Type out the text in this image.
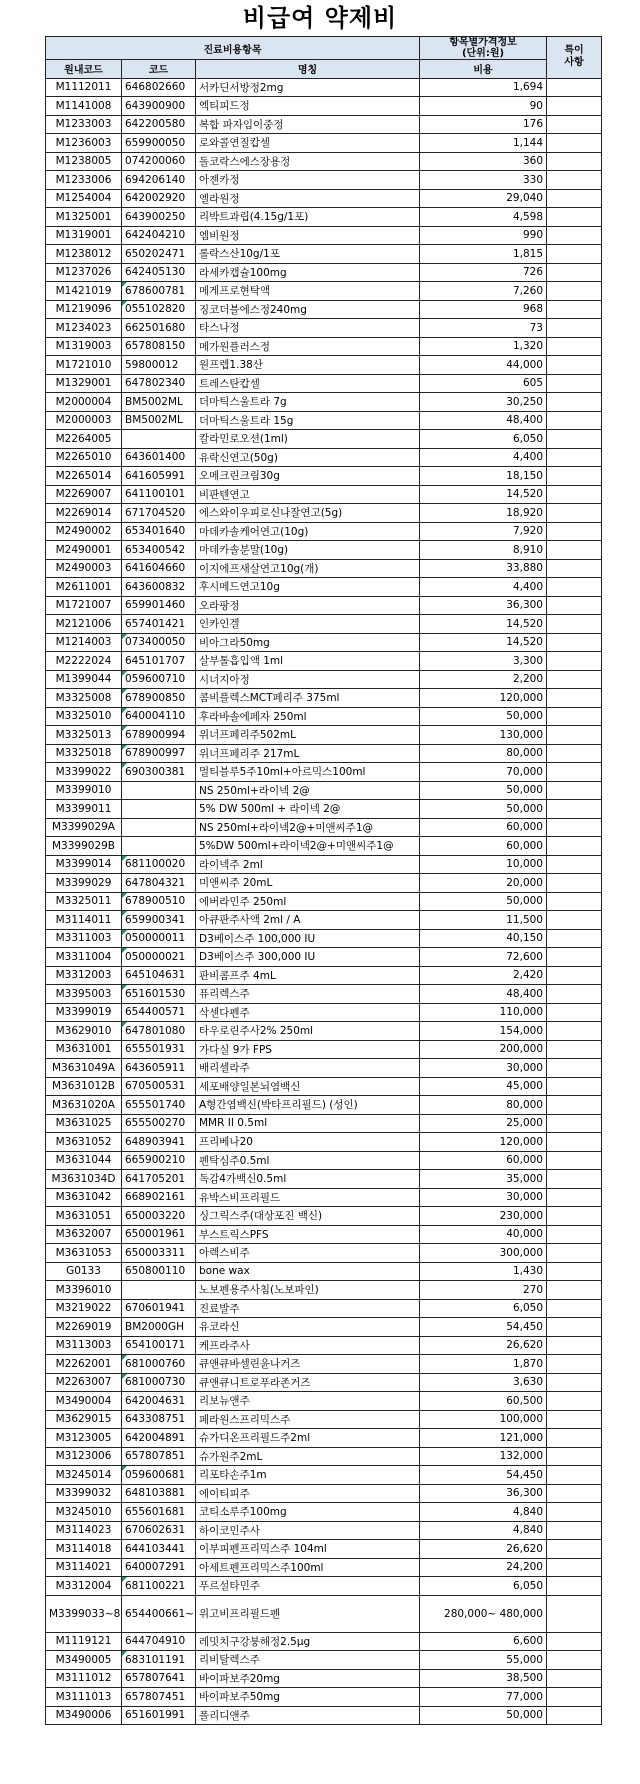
비급여 약제비
진료비용항목			항목별가격정보
(단위:원)	특이
사항
원내코드	코드	명칭	비용	
M1112011	646802660	서카딘서방정2mg	1,694	
M1141008	643900900	엑티피드정	90	
M1233003	642200580	복합 파자임이중정	176	
M1236003	659900050	로와콜연질캅셀	1,144	
M1238005	074200060	돌코락스에스장용정	360	
M1233006	694206140	아젠카정	330	
M1254004	642002920	엘라원정	29,040	
M1325001	643900250	리박트과립(4.15g/1포)	4,598	
M1319001	642404210	엠비원정	990	
M1238012	650202471	롤락스산10g/1포	1,815	
M1237026	642405130	라세카캡슐100mg	726	
M1421019	678600781	메게프로현탁액	7,260	
M1219096	055102820	징코더블에스정240mg	968	
M1234023	662501680	타스나정	73	
M1319003	657808150	메가원플러스정	1,320	
M1721010	59800012	원프렙1.38산	44,000	
M1329001	647802340	트레스탄캅셀	605	
M2000004	BM5002ML	더마틱스울트라 7g	30,250	
M2000003	BM5002ML	더마틱스울트라 15g	48,400	
M2264005		칼라민로오션(1ml)	6,050	
M2265010	643601400	유락신연고(50g)	4,400	
M2265014	641605991	오메크린크림30g	18,150	
M2269007	641100101	비판텐연고	14,520	
M2269014	671704520	에스와이우피로신나잘연고(5g)	18,920	
M2490002	653401640	마데카솔케어연고(10g)	7,920	
M2490001	653400542	마데카솔분말(10g)	8,910	
M2490003	641604660	이지에프새살연고10g(개)	33,880	
M2611001	643600832	후시메드연고10g	4,400	
M1721007	659901460	오라팡정	36,300	
M2121006	657401421	인카인겔	14,520	
M1214003	073400050	비아그라50mg	14,520	
M2222024	645101707	살부톨흡입액 1ml	3,300	
M1399044	059600710	시너지아정	2,200	
M3325008	678900850	콤비플렉스MCT페리주 375ml	120,000	
M3325010	640004110	후라바솔에페자 250ml	50,000	
M3325013	678900994	위너프페리주502mL	130,000	
M3325018	678900997	위너프페리주 217mL	80,000	
M3399022	690300381	멀티블루5주10ml+아르믹스100ml	70,000	
M3399010		NS 250ml+라이넥 2@	50,000	
M3399011		5% DW 500ml + 라이넥 2@	50,000	
M3399029A		NS 250ml+라이넥2@+미앤씨주1@	60,000	
M3399029B		5%DW 500ml+라이넥2@+미앤씨주1@	60,000	
M3399014	681100020	라이넥주 2ml	10,000	
M3399029	647804321	미앤씨주 20mL	20,000	
M3325011	678900510	에버라민주 250ml	50,000	
M3114011	659900341	아큐판주사액 2ml / A	11,500	
M3311003	050000011	D3베이스주 100,000 IU	40,150	
M3311004	050000021	D3베이스주 300,000 IU	72,600	
M3312003	645104631	판비콤프주 4mL	2,420	
M3395003	651601530	퓨리렉스주	48,400	
M3399019	654400571	삭센다펜주	110,000	
M3629010	647801080	타우로린주사2% 250ml	154,000	
M3631001	655501931	가다실 9가 FPS	200,000	
M3631049A	643605911	배리셀라주	30,000	
M3631012B	670500531	세포배양일본뇌염백신	45,000	
M3631020A	655501740	A형간염백신(박타프리필드) (성인)	80,000	
M3631025	655500270	MMR II 0.5ml	25,000	
M3631052	648903941	프리베나20	120,000	
M3631044	665900210	펜탁심주0.5ml	60,000	
M3631034D	641705201	독감4가백신0.5ml	35,000	
M3631042	668902161	유박스비프리필드	30,000	
M3631051	650003220	싱그릭스주(대상포진 백신)	230,000	
M3632007	650001961	부스트릭스PFS	40,000	
M3631053	650003311	아렉스비주	300,000	
G0133	650800110	bone wax	1,430	
M3396010		노보펜용주사침(노보파인)	270	
M3219022	670601941	진료발주	6,050	
M2269019	BM2000GH	유코라신	54,450	
M3113003	654100171	케프라주사	26,620	
M2262001	681000760	큐앤큐바셀린윤나거즈	1,870	
M2263007	681000730	큐앤큐니트로푸라존거즈	3,630	
M3490004	642004631	리보뉴앤주	60,500	
M3629015	643308751	페라원스프리믹스주	100,000	
M3123005	642004891	슈가디온프리필드주2ml	121,000	
M3123006	657807851	슈가원주2mL	132,000	
M3245014	059600681	리포타손주1m	54,450	
M3399032	648103881	에이티피주	36,300	
M3245010	655601681	코티소루주100mg	4,840	
M3114023	670602631	하이코민주사	4,840	
M3114018	644103441	이부피펜프리믹스주 104ml	26,620	
M3114021	640007291	아세트펜프리믹스주100ml	24,200	
M3312004	681100221	푸르설타민주	6,050	
M3399033~8	654400661~	위고비프리필드펜	280,000~ 480,000	
M1119121	644704910	레밋치구강붕해정2.5μg	6,600	
M3490005	683101191	리비탈렉스주	55,000	
M3111012	657807641	바이파보주20mg	38,500	
M3111013	657807451	바이파보주50mg	77,000	
M3490006	651601991	폴리디앤주	50,000	
